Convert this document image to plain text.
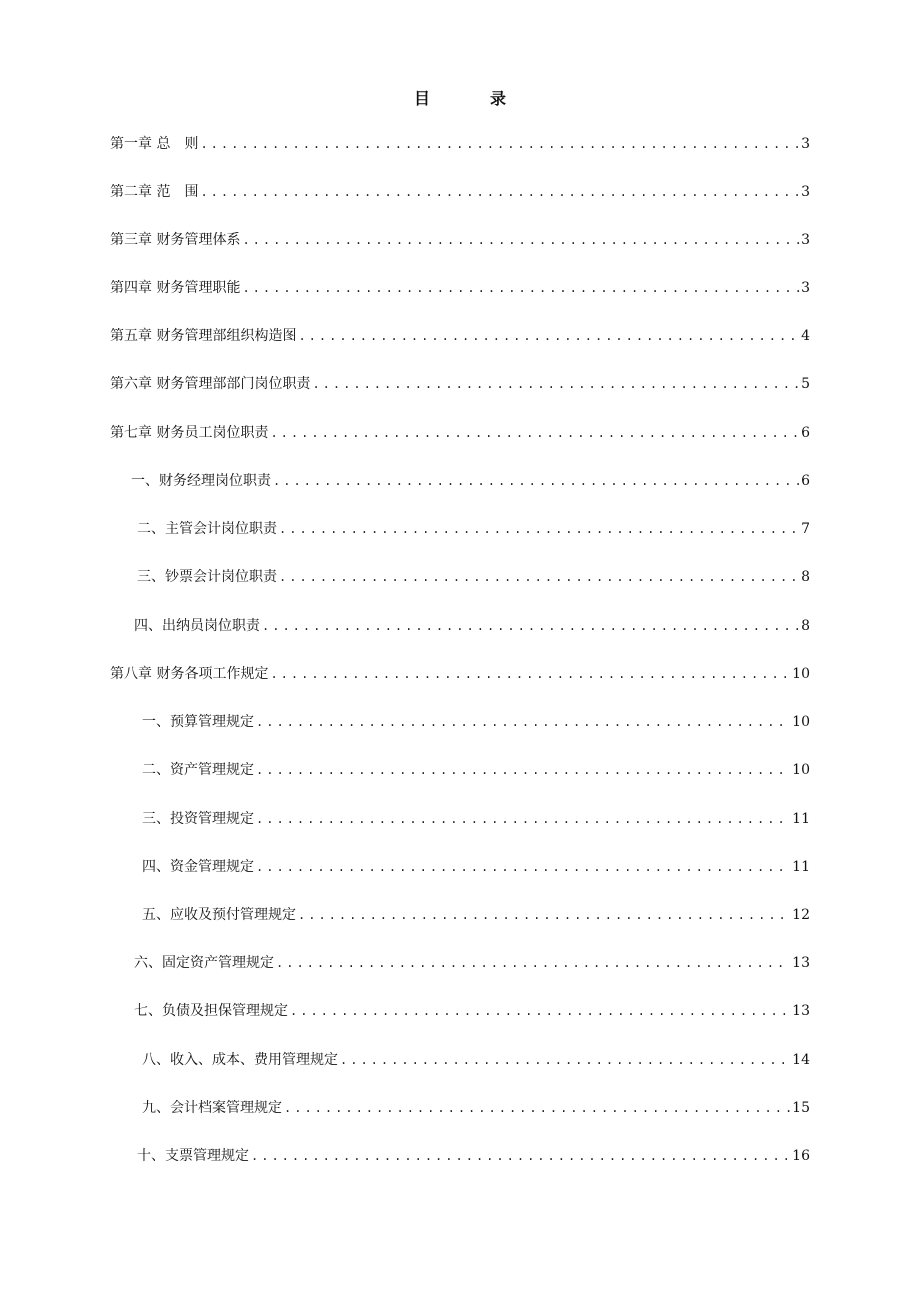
目　录
第一章 总　则 .....	3
第二章 范　围 .....	3
第三章 财务管理体系 .....	3
第四章 财务管理职能 .....	3
第五章 财务管理部组织构造图 .....	4
第六章 财务管理部部门岗位职责 .....	5
第七章 财务员工岗位职责 .....	6
一、财务经理岗位职责 .....	6
二、主管会计岗位职责 .....	7
三、钞票会计岗位职责 .....	8
四、出纳员岗位职责 .....	8
第八章 财务各项工作规定 .....	10
一、预算管理规定 .....	10
二、资产管理规定 .....	10
三、投资管理规定 .....	11
四、资金管理规定 .....	11
五、应收及预付管理规定 .....	12
六、固定资产管理规定 .....	13
七、负债及担保管理规定 .....	13
八、收入、成本、费用管理规定 .....	14
九、会计档案管理规定 .....	15
十、支票管理规定 .....	16
